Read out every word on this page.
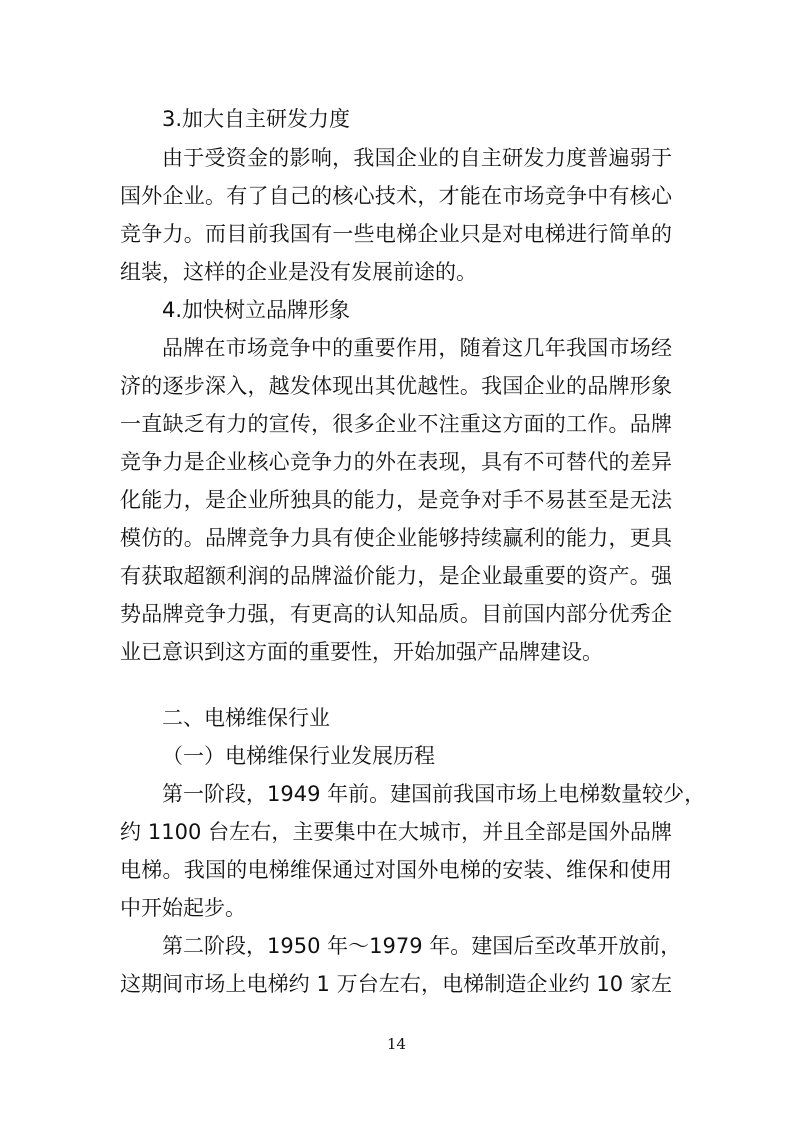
3.加大自主研发力度
由于受资金的影响，我国企业的自主研发力度普遍弱于
国外企业。有了自己的核心技术，才能在市场竞争中有核心
竞争力。而目前我国有一些电梯企业只是对电梯进行简单的
组装，这样的企业是没有发展前途的。
4.加快树立品牌形象
品牌在市场竞争中的重要作用，随着这几年我国市场经
济的逐步深入，越发体现出其优越性。我国企业的品牌形象
一直缺乏有力的宣传，很多企业不注重这方面的工作。品牌
竞争力是企业核心竞争力的外在表现，具有不可替代的差异
化能力，是企业所独具的能力，是竞争对手不易甚至是无法
模仿的。品牌竞争力具有使企业能够持续赢利的能力，更具
有获取超额利润的品牌溢价能力，是企业最重要的资产。强
势品牌竞争力强，有更高的认知品质。目前国内部分优秀企
业已意识到这方面的重要性，开始加强产品牌建设。
二、电梯维保行业
（一）电梯维保行业发展历程
第一阶段，1949 年前。建国前我国市场上电梯数量较少，
约 1100 台左右，主要集中在大城市，并且全部是国外品牌
电梯。我国的电梯维保通过对国外电梯的安装、维保和使用
中开始起步。
第二阶段，1950 年～1979 年。建国后至改革开放前，
这期间市场上电梯约 1 万台左右，电梯制造企业约 10 家左
14
